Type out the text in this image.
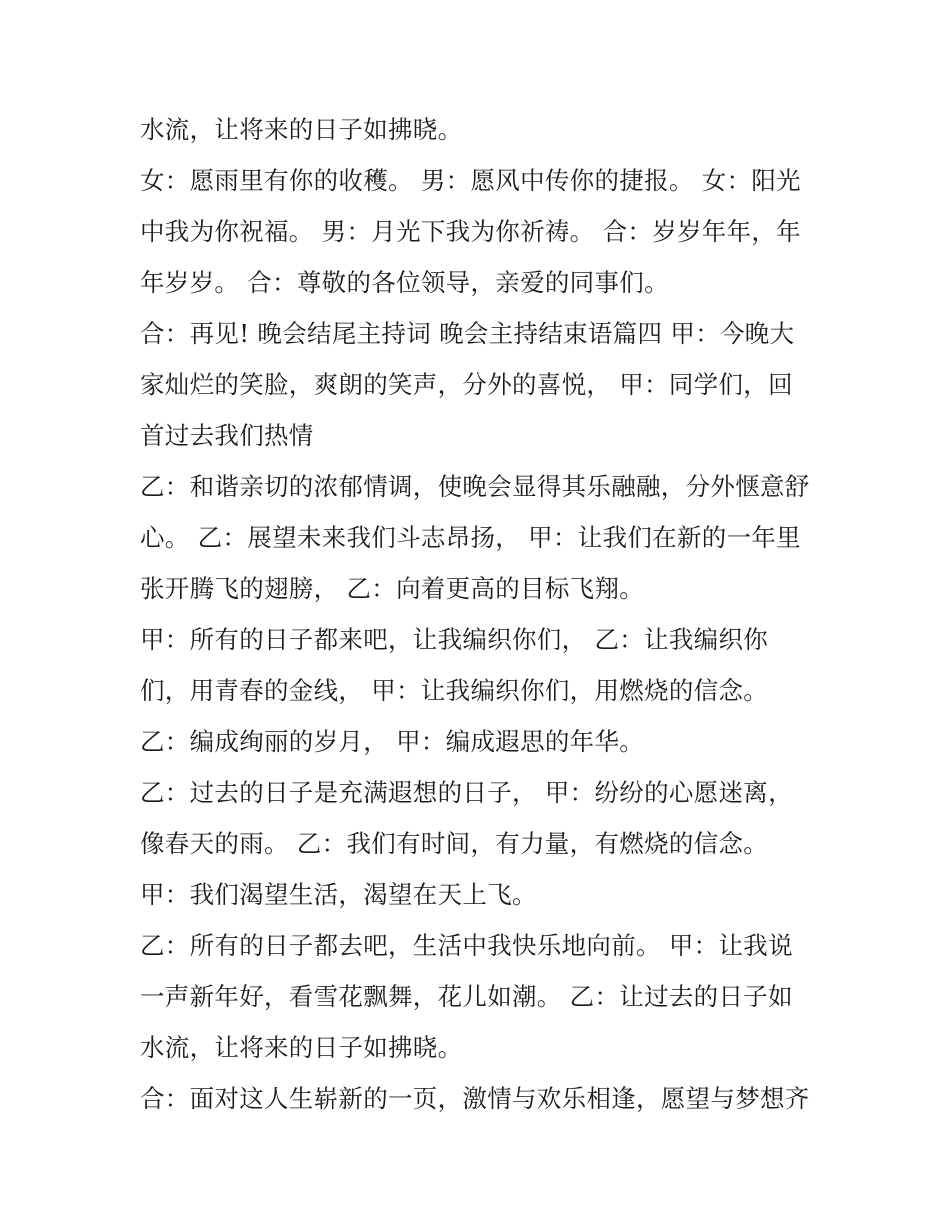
水流，让将来的日子如拂晓。
女：愿雨里有你的收穫。 男：愿风中传你的捷报。 女：阳光
中我为你祝福。 男：月光下我为你祈祷。 合：岁岁年年，年
年岁岁。 合：尊敬的各位领导，亲爱的同事们。
合：再见! 晚会结尾主持词 晚会主持结束语篇四 甲：今晚大
家灿烂的笑脸，爽朗的笑声，分外的喜悦， 甲：同学们，回
首过去我们热情
乙：和谐亲切的浓郁情调，使晚会显得其乐融融，分外惬意舒
心。 乙：展望未来我们斗志昂扬， 甲：让我们在新的一年里
张开腾飞的翅膀， 乙：向着更高的目标飞翔。
甲：所有的日子都来吧，让我编织你们， 乙：让我编织你
们，用青春的金线， 甲：让我编织你们，用燃烧的信念。
乙：编成绚丽的岁月， 甲：编成遐思的年华。
乙：过去的日子是充满遐想的日子， 甲：纷纷的心愿迷离，
像春天的雨。 乙：我们有时间，有力量，有燃烧的信念。
甲：我们渴望生活，渴望在天上飞。
乙：所有的日子都去吧，生活中我快乐地向前。 甲：让我说
一声新年好，看雪花飘舞，花儿如潮。 乙：让过去的日子如
水流，让将来的日子如拂晓。
合：面对这人生崭新的一页，激情与欢乐相逢，愿望与梦想齐
